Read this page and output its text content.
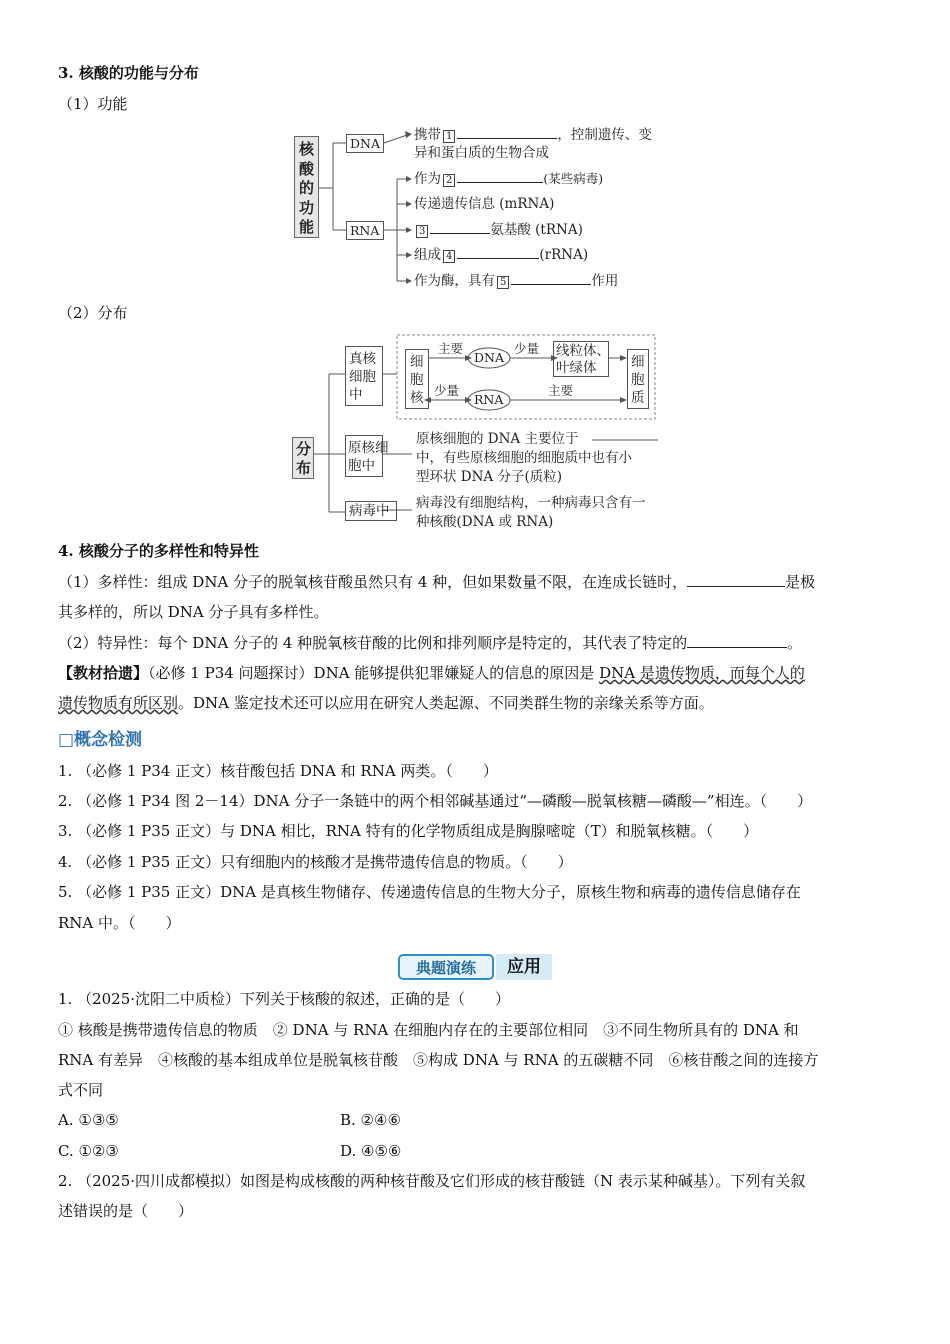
3. 核酸的功能与分布
（1）功能
核
酸
的
功
能
DNA
RNA
携带 1	，控制遗传、变
异和蛋白质的生物合成
作为 2	(某些病毒)
传递遗传信息 (mRNA)
3	氨基酸 (tRNA)
组成 4	(rRNA)
作为酶，具有 5	作用
（2）分布
分
布
真核
细胞
中
细
胞
核
细
胞
质
线粒体、
叶绿体
DNA
RNA
主要	少量
少量	主要
原核细
胞中
原核细胞的 DNA 主要位于
中，有些原核细胞的细胞质中也有小
型环状 DNA 分子(质粒)
病毒中 病毒没有细胞结构，一种病毒只含有一
种核酸(DNA 或 RNA)
4. 核酸分子的多样性和特异性
（1）多样性：组成 DNA 分子的脱氧核苷酸虽然只有 4 种，但如果数量不限，在连成长链时，	是极
其多样的，所以 DNA 分子具有多样性。
（2）特异性：每个 DNA 分子的 4 种脱氧核苷酸的比例和排列顺序是特定的，其代表了特定的	。
【教材拾遗】（必修 1 P34 问题探讨）DNA 能够提供犯罪嫌疑人的信息的原因是 DNA 是遗传物质，而每个人的
遗传物质有所区别。DNA 鉴定技术还可以应用在研究人类起源、不同类群生物的亲缘关系等方面。
□概念检测
1. （必修 1 P34 正文）核苷酸包括 DNA 和 RNA 两类。（　　）
2. （必修 1 P34 图 2－14）DNA 分子一条链中的两个相邻碱基通过“—磷酸—脱氧核糖—磷酸—”相连。（　　）
3. （必修 1 P35 正文）与 DNA 相比，RNA 特有的化学物质组成是胸腺嘧啶（T）和脱氧核糖。（　　）
4. （必修 1 P35 正文）只有细胞内的核酸才是携带遗传信息的物质。（　　）
5. （必修 1 P35 正文）DNA 是真核生物储存、传递遗传信息的生物大分子，原核生物和病毒的遗传信息储存在
RNA 中。（　　）
典题演练	应用
1. （2025·沈阳二中质检）下列关于核酸的叙述，正确的是（　　）
① 核酸是携带遗传信息的物质　② DNA 与 RNA 在细胞内存在的主要部位相同　③不同生物所具有的 DNA 和
RNA 有差异　④核酸的基本组成单位是脱氧核苷酸　⑤构成 DNA 与 RNA 的五碳糖不同　⑥核苷酸之间的连接方
式不同
A. ①③⑤	B. ②④⑥
C. ①②③	D. ④⑤⑥
2. （2025·四川成都模拟）如图是构成核酸的两种核苷酸及它们形成的核苷酸链（N 表示某种碱基）。下列有关叙
述错误的是（　　）
